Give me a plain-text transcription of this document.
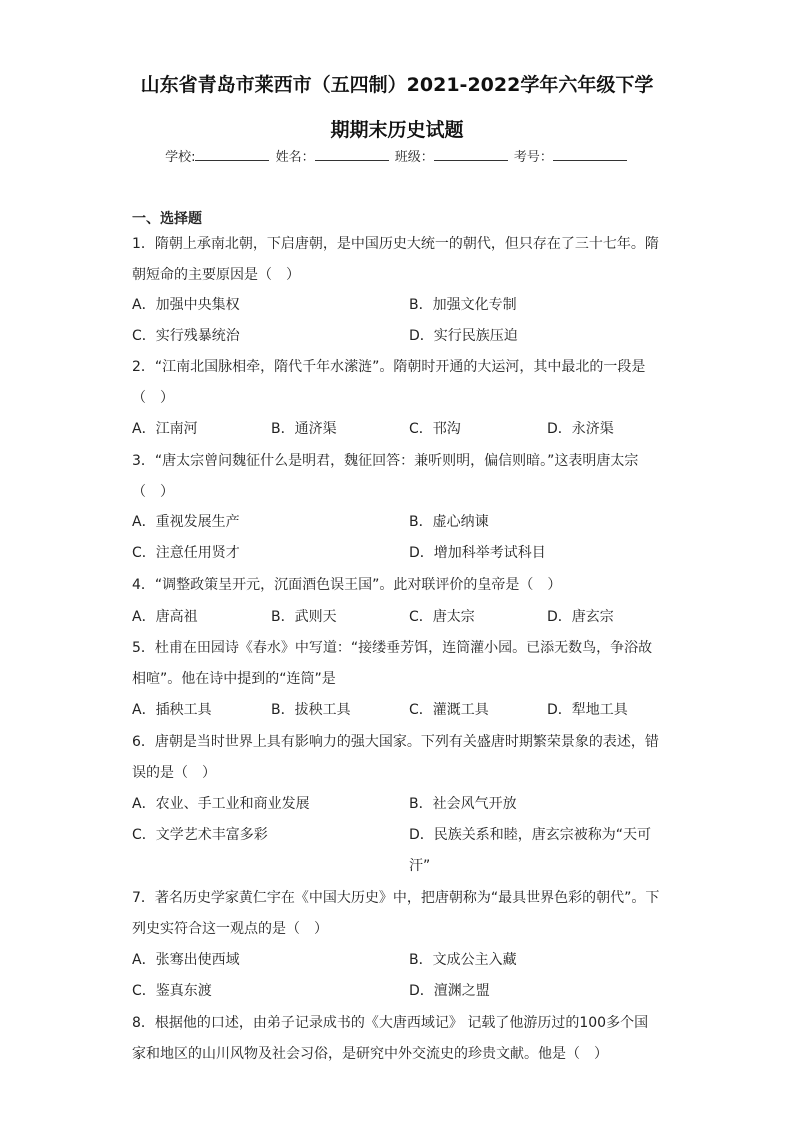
山东省青岛市莱西市（五四制）2021-2022学年六年级下学
期期末历史试题
学校:	姓名：	班级：	考号：
一、选择题
1．隋朝上承南北朝，下启唐朝，是中国历史大统一的朝代，但只存在了三十七年。隋朝短命的主要原因是（　）
A．加强中央集权	B．加强文化专制
C．实行残暴统治	D．实行民族压迫
2．“江南北国脉相牵，隋代千年水潆涟”。隋朝时开通的大运河，其中最北的一段是（　）
A．江南河	B．通济渠	C．邗沟	D．永济渠
3．“唐太宗曾问魏征什么是明君，魏征回答：兼听则明，偏信则暗。”这表明唐太宗（　）
A．重视发展生产	B．虚心纳谏
C．注意任用贤才	D．增加科举考试科目
4．“调整政策呈开元，沉面酒色误王国”。此对联评价的皇帝是（　）
A．唐高祖	B．武则天	C．唐太宗	D．唐玄宗
5．杜甫在田园诗《春水》中写道：“接缕垂芳饵，连筒灌小园。已添无数鸟，争浴故相喧”。他在诗中提到的“连筒”是
A．插秧工具	B．拔秧工具	C．灌溉工具	D．犁地工具
6．唐朝是当时世界上具有影响力的强大国家。下列有关盛唐时期繁荣景象的表述，错误的是（　）
A．农业、手工业和商业发展	B．社会风气开放
C．文学艺术丰富多彩	D．民族关系和睦，唐玄宗被称为“天可汗”
7．著名历史学家黄仁宇在《中国大历史》中，把唐朝称为“最具世界色彩的朝代”。下列史实符合这一观点的是（　）
A．张骞出使西域	B．文成公主入藏
C．鉴真东渡	D．澶渊之盟
8．根据他的口述，由弟子记录成书的《大唐西域记》 记载了他游历过的100多个国家和地区的山川风物及社会习俗，是研究中外交流史的珍贵文献。他是（　）
